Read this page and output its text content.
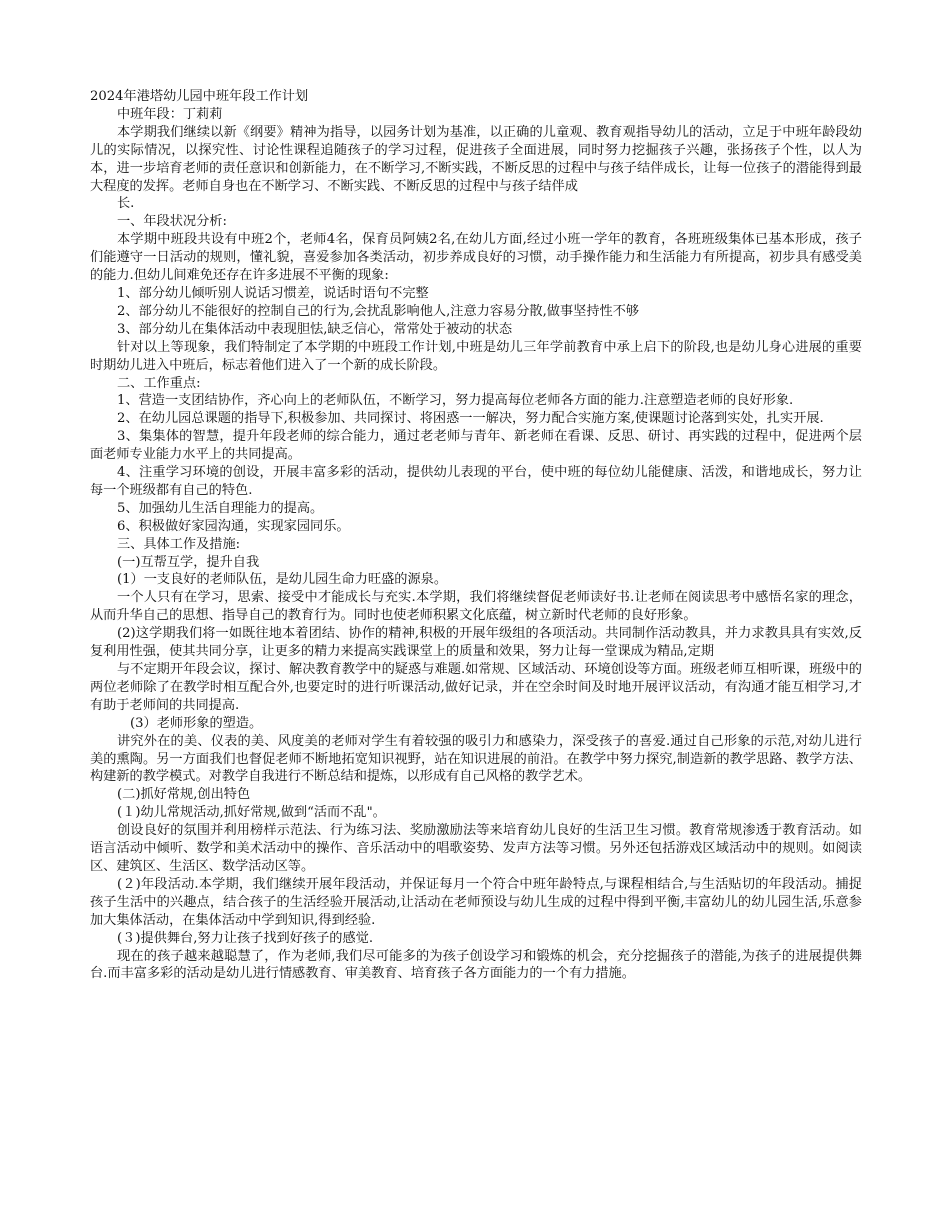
2024年港塔幼儿园中班年段工作计划

中班年段：丁莉莉

本学期我们继续以新《纲要》精神为指导，以园务计划为基准，以正确的儿童观、教育观指导幼儿的活动，立足于中班年龄段幼儿的实际情况，以探究性、讨论性课程追随孩子的学习过程，促进孩子全面进展，同时努力挖掘孩子兴趣，张扬孩子个性，以人为本，进一步培育老师的责任意识和创新能力，在不断学习,不断实践，不断反思的过程中与孩子结伴成长，让每一位孩子的潜能得到最大程度的发挥。老师自身也在不断学习、不断实践、不断反思的过程中与孩子结伴成

长.

一、年段状况分析:

本学期中班段共设有中班2个，老师4名，保育员阿姨2名,在幼儿方面,经过小班一学年的教育，各班班级集体已基本形成，孩子们能遵守一日活动的规则，懂礼貌，喜爱参加各类活动，初步养成良好的习惯，动手操作能力和生活能力有所提高，初步具有感受美的能力.但幼儿间难免还存在许多进展不平衡的现象:

1、部分幼儿倾听别人说话习惯差，说话时语句不完整

2、部分幼儿不能很好的控制自己的行为,会扰乱影响他人,注意力容易分散,做事坚持性不够

3、部分幼儿在集体活动中表现胆怯,缺乏信心，常常处于被动的状态

针对以上等现象，我们特制定了本学期的中班段工作计划,中班是幼儿三年学前教育中承上启下的阶段,也是幼儿身心进展的重要时期幼儿进入中班后，标志着他们进入了一个新的成长阶段。

二、工作重点:

1、营造一支团结协作，齐心向上的老师队伍，不断学习，努力提高每位老师各方面的能力.注意塑造老师的良好形象.

2、在幼儿园总课题的指导下,积极参加、共同探讨、将困惑一一解决，努力配合实施方案,使课题讨论落到实处，扎实开展.

3、集集体的智慧，提升年段老师的综合能力，通过老老师与青年、新老师在看课、反思、研讨、再实践的过程中，促进两个层面老师专业能力水平上的共同提高。

4、注重学习环境的创设，开展丰富多彩的活动，提供幼儿表现的平台，使中班的每位幼儿能健康、活泼，和谐地成长，努力让每一个班级都有自己的特色.

5、加强幼儿生活自理能力的提高。

6、积极做好家园沟通，实现家园同乐。

三、具体工作及措施:

(一)互帮互学，提升自我

(1）一支良好的老师队伍，是幼儿园生命力旺盛的源泉。

一个人只有在学习，思索、接受中才能成长与充实.本学期，我们将继续督促老师读好书.让老师在阅读思考中感悟名家的理念，从而升华自己的思想、指导自己的教育行为。同时也使老师积累文化底蕴，树立新时代老师的良好形象。

(2)这学期我们将一如既往地本着团结、协作的精神,积极的开展年级组的各项活动。共同制作活动教具，并力求教具具有实效,反复利用性强，使其共同分享，让更多的精力来提高实践课堂上的质量和效果，努力让每一堂课成为精品,定期

与不定期开年段会议，探讨、解决教育教学中的疑惑与难题.如常规、区域活动、环境创设等方面。班级老师互相听课，班级中的两位老师除了在教学时相互配合外,也要定时的进行听课活动,做好记录，并在空余时间及时地开展评议活动，有沟通才能互相学习,才有助于老师间的共同提高.

(3）老师形象的塑造。

讲究外在的美、仪表的美、风度美的老师对学生有着较强的吸引力和感染力，深受孩子的喜爱.通过自己形象的示范,对幼儿进行美的熏陶。另一方面我们也督促老师不断地拓宽知识视野，站在知识进展的前沿。在教学中努力探究,制造新的教学思路、教学方法、构建新的教学模式。对教学自我进行不断总结和提炼，以形成有自己风格的教学艺术。

(二)抓好常规,创出特色

(１)幼儿常规活动,抓好常规,做到“活而不乱"。

创设良好的氛围并利用榜样示范法、行为练习法、奖励激励法等来培育幼儿良好的生活卫生习惯。教育常规渗透于教育活动。如语言活动中倾听、数学和美术活动中的操作、音乐活动中的唱歌姿势、发声方法等习惯。另外还包括游戏区域活动中的规则。如阅读区、建筑区、生活区、数学活动区等。

(２)年段活动.本学期，我们继续开展年段活动，并保证每月一个符合中班年龄特点,与课程相结合,与生活贴切的年段活动。捕捉孩子生活中的兴趣点，结合孩子的生活经验开展活动,让活动在老师预设与幼儿生成的过程中得到平衡,丰富幼儿的幼儿园生活,乐意参加大集体活动，在集体活动中学到知识,得到经验.

(３)提供舞台,努力让孩子找到好孩子的感觉.

现在的孩子越来越聪慧了，作为老师,我们尽可能多的为孩子创设学习和锻炼的机会，充分挖掘孩子的潜能,为孩子的进展提供舞台.而丰富多彩的活动是幼儿进行情感教育、审美教育、培育孩子各方面能力的一个有力措施。
